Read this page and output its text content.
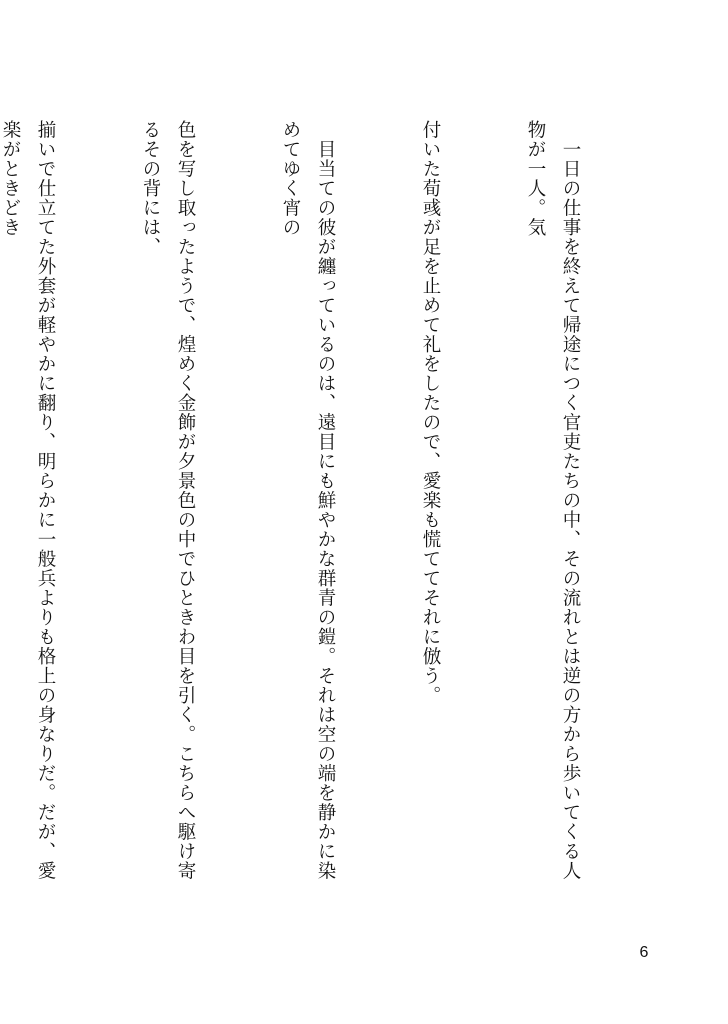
　一日の仕事を終えて帰途につく官吏たちの中、その流れとは逆の方から歩いてくる人物が一人。気

付いた荀彧が足を止めて礼をしたので、愛楽も慌ててそれに倣う。

　目当ての彼が纏っているのは、遠目にも鮮やかな群青の鎧。それは空の端を静かに染めてゆく宵の

色を写し取ったようで、煌めく金飾が夕景色の中でひときわ目を引く。こちらへ駆け寄るその背には、

揃いで仕立てた外套が軽やかに翻り、明らかに一般兵よりも格上の身なりだ。だが、愛楽がときどき

6
